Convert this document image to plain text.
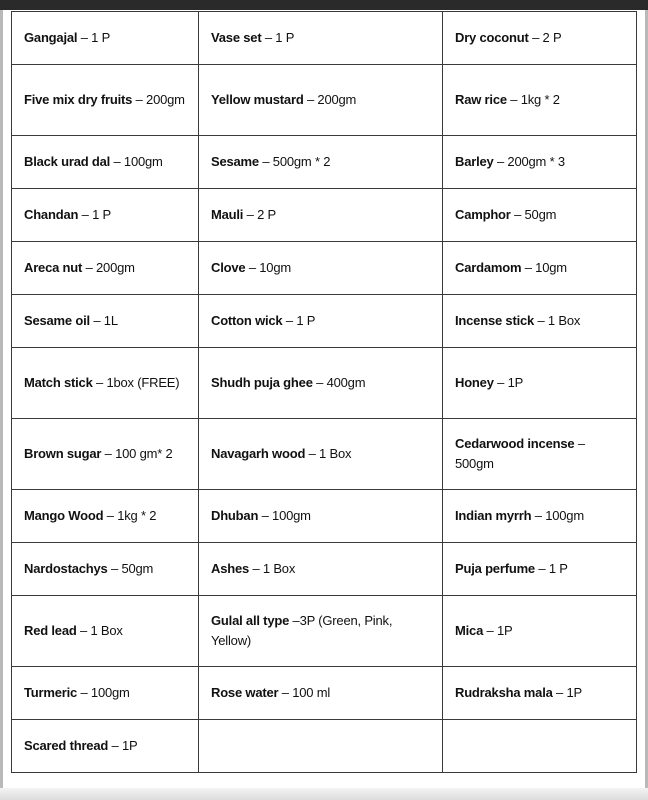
Gangajal – 1 P	Vase set – 1 P	Dry coconut – 2 P
Five mix dry fruits – 200gm	Yellow mustard – 200gm	Raw rice – 1kg * 2
Black urad dal – 100gm	Sesame – 500gm * 2	Barley – 200gm * 3
Chandan – 1 P	Mauli – 2 P	Camphor – 50gm
Areca nut – 200gm	Clove – 10gm	Cardamom – 10gm
Sesame oil – 1L	Cotton wick – 1 P	Incense stick – 1 Box
Match stick – 1box (FREE)	Shudh puja ghee – 400gm	Honey – 1P
Brown sugar – 100 gm* 2	Navagarh wood – 1 Box	Cedarwood incense – 500gm
Mango Wood – 1kg * 2	Dhuban – 100gm	Indian myrrh – 100gm
Nardostachys – 50gm	Ashes – 1 Box	Puja perfume – 1 P
Red lead – 1 Box	Gulal all type –3P (Green, Pink, Yellow)	Mica – 1P
Turmeric – 100gm	Rose water – 100 ml	Rudraksha mala – 1P
Scared thread – 1P		
